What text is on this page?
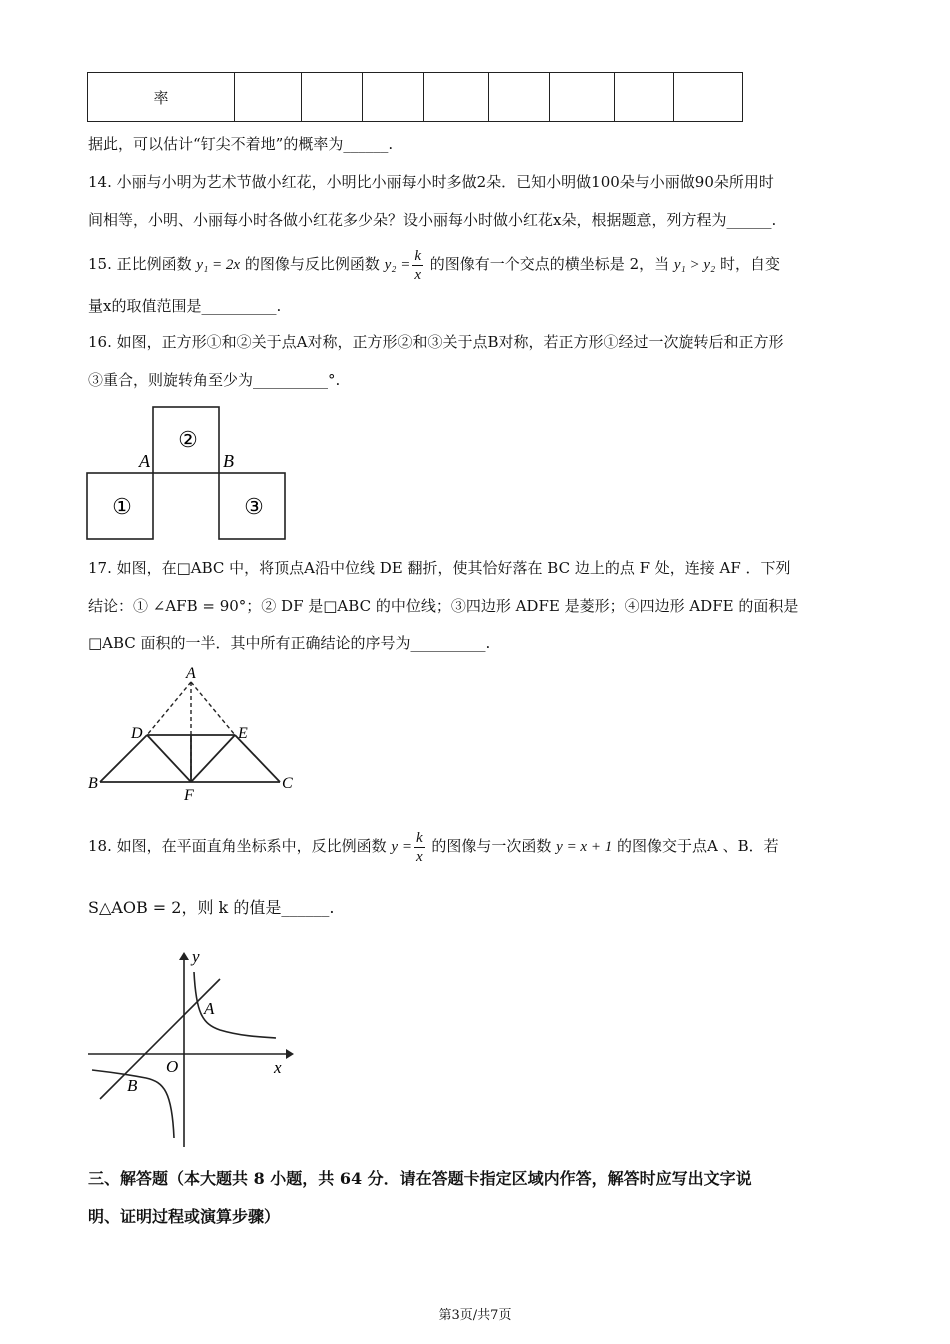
率								
据此，可以估计“钉尖不着地”的概率为______.
14. 小丽与小明为艺术节做小红花，小明比小丽每小时多做2朵．已知小明做100朵与小丽做90朵所用时
间相等，小明、小丽每小时各做小红花多少朵？设小丽每小时做小红花x朵，根据题意，列方程为______.
15. 正比例函数 y₁ = 2x 的图像与反比例函数 $y_2 = \frac{k}{x}$ 的图像有一个交点的横坐标是 2，当 y₁ > y₂ 时，自变
量x的取值范围是__________.
16. 如图，正方形①和②关于点A对称，正方形②和③关于点B对称，若正方形①经过一次旋转后和正方形
③重合，则旋转角至少为__________°.
②
①	③
A	B
17. 如图，在□ABC 中，将顶点A沿中位线 DE 翻折，使其恰好落在 BC 边上的点 F 处，连接 AF ．下列
结论：① ∠AFB = 90°；② DF 是□ABC 的中位线；③四边形 ADFE 是菱形；④四边形 ADFE 的面积是
□ABC 面积的一半．其中所有正确结论的序号为__________.
A
B	C
D	E
F
18. 如图，在平面直角坐标系中，反比例函数 $y = \frac{k}{x}$ 的图像与一次函数 y = x + 1 的图像交于点A 、B．若
S△AOB = 2，则 k 的值是______.
y
x
O
A
B
三、解答题（本大题共 8 小题，共 64 分．请在答题卡指定区域内作答，解答时应写出文字说
明、证明过程或演算步骤）
第3页/共7页
